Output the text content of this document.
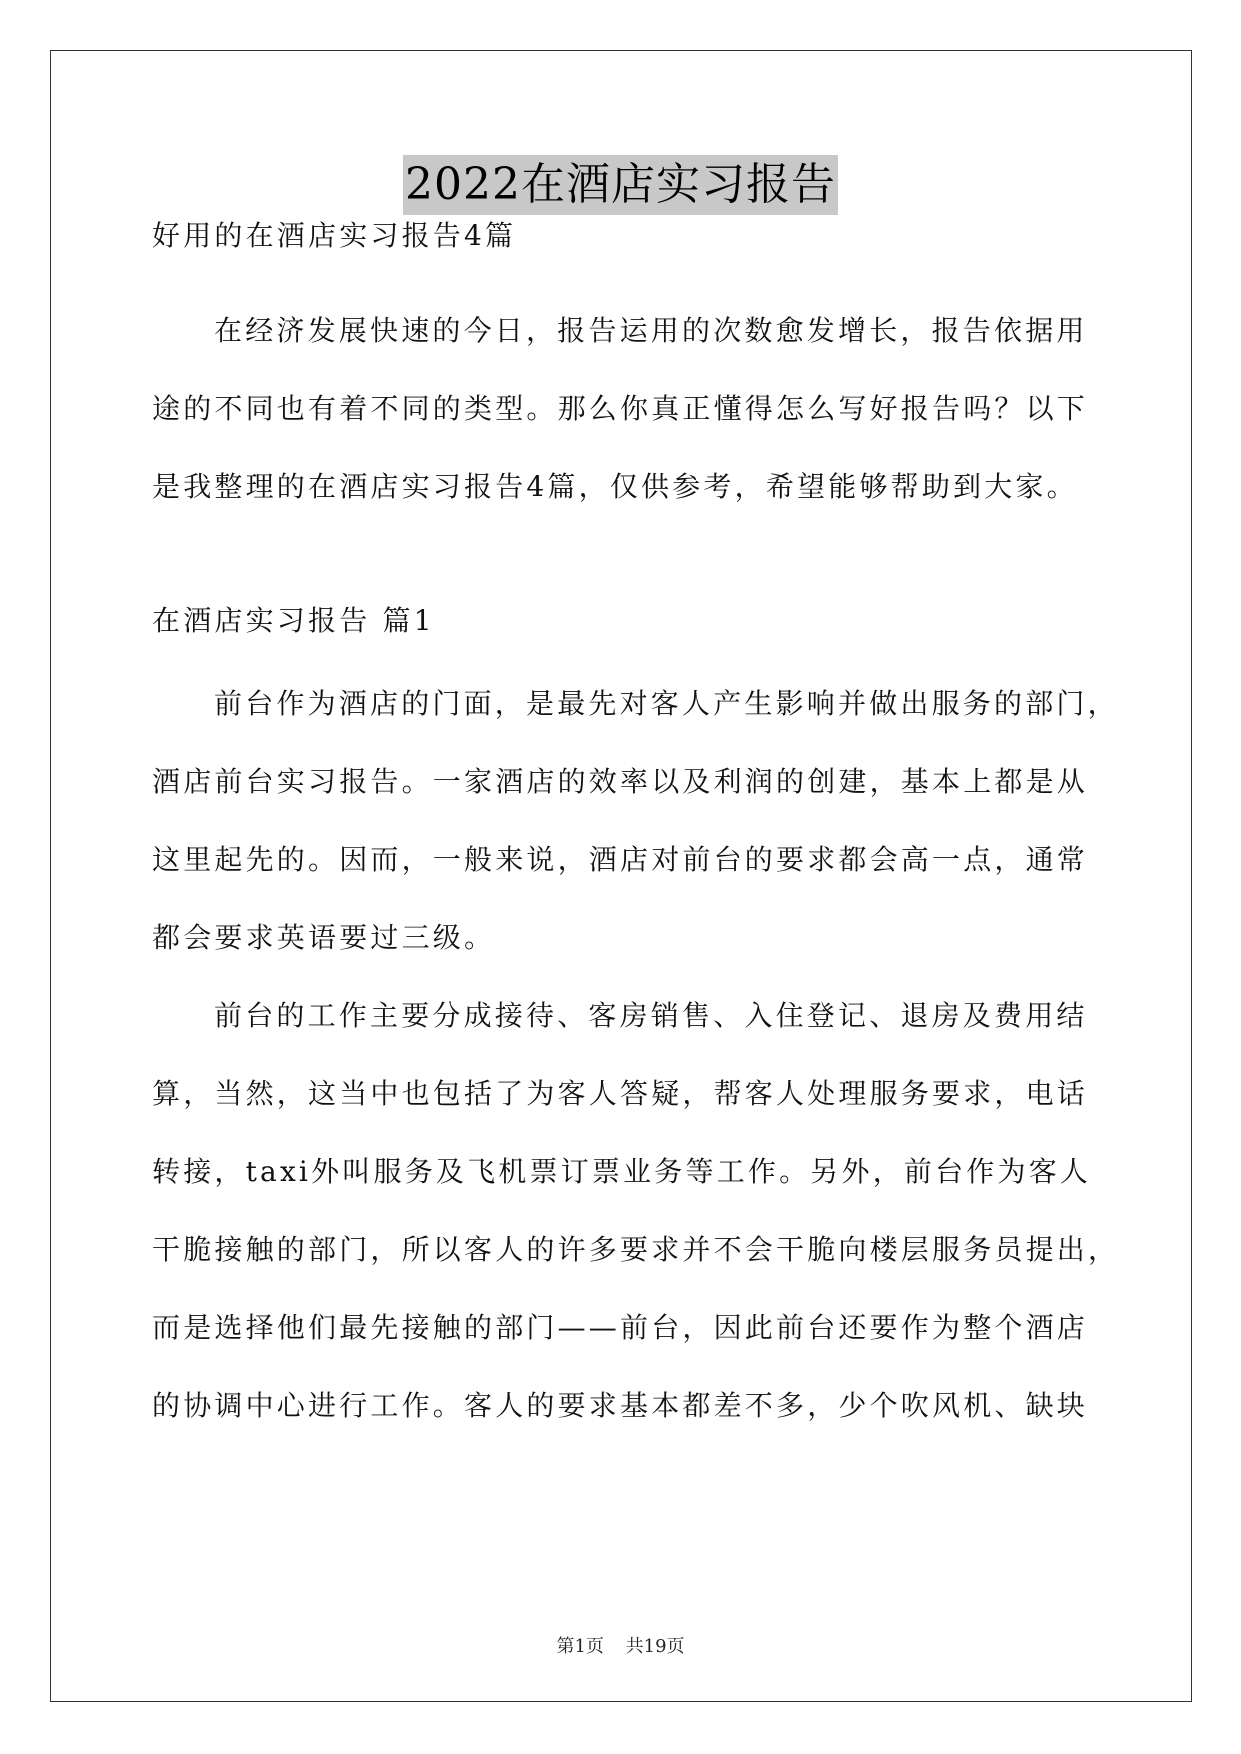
2022在酒店实习报告
好用的在酒店实习报告4篇
在经济发展快速的今日，报告运用的次数愈发增长，报告依据用
途的不同也有着不同的类型。那么你真正懂得怎么写好报告吗？以下
是我整理的在酒店实习报告4篇，仅供参考，希望能够帮助到大家。
在酒店实习报告 篇1
前台作为酒店的门面，是最先对客人产生影响并做出服务的部门，
酒店前台实习报告。一家酒店的效率以及利润的创建，基本上都是从
这里起先的。因而，一般来说，酒店对前台的要求都会高一点，通常
都会要求英语要过三级。
前台的工作主要分成接待、客房销售、入住登记、退房及费用结
算，当然，这当中也包括了为客人答疑，帮客人处理服务要求，电话
转接，taxi外叫服务及飞机票订票业务等工作。另外，前台作为客人
干脆接触的部门，所以客人的许多要求并不会干脆向楼层服务员提出，
而是选择他们最先接触的部门——前台，因此前台还要作为整个酒店
的协调中心进行工作。客人的要求基本都差不多，少个吹风机、缺块
第1页 共19页
